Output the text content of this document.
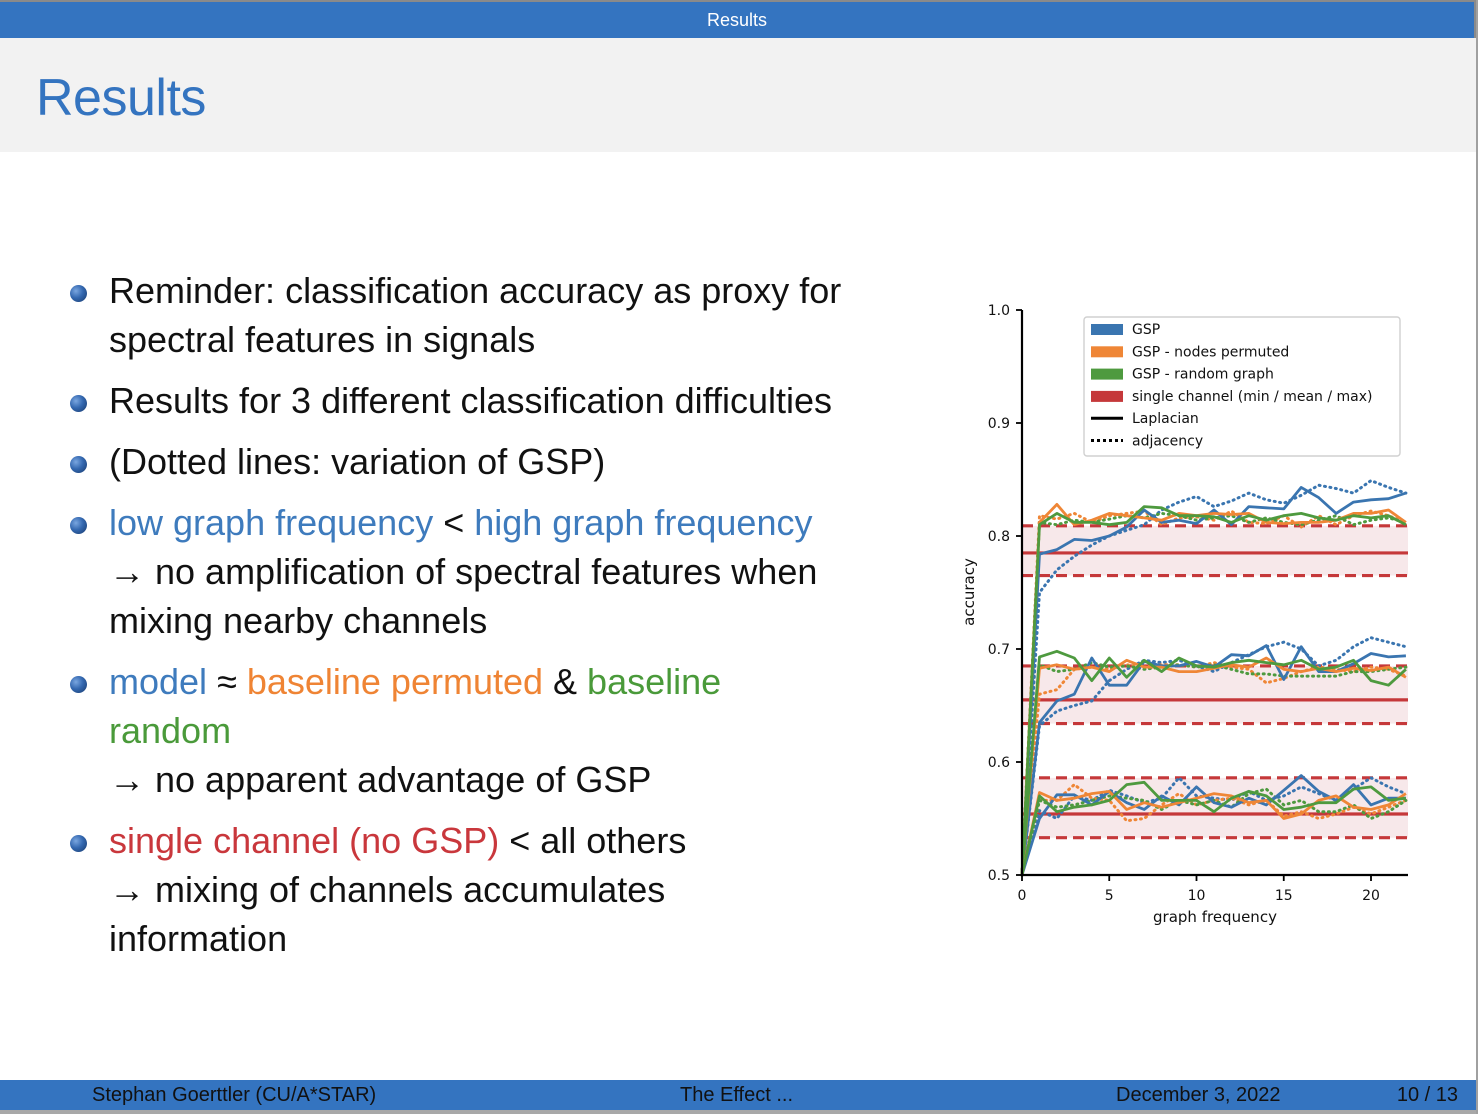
Results
Results
Reminder: classification accuracy as proxy for
spectral features in signals
Results for 3 different classification difficulties
(Dotted lines: variation of GSP)
low graph frequency < high graph frequency
→ no amplification of spectral features when
mixing nearby channels
model ≈ baseline permuted & baseline
random
→ no apparent advantage of GSP
single channel (no GSP) < all others
→ mixing of channels accumulates
information
0.5
0.6
0.7
0.8
0.9
1.0
0	5	10	15	20
GSP
GSP - nodes permuted
GSP - random graph
single channel (min / mean / max)
Laplacian
adjacency
graph frequency
accuracy
Stephan Goerttler (CU/A*STAR)	The Effect ...	December 3, 2022	10 / 13
